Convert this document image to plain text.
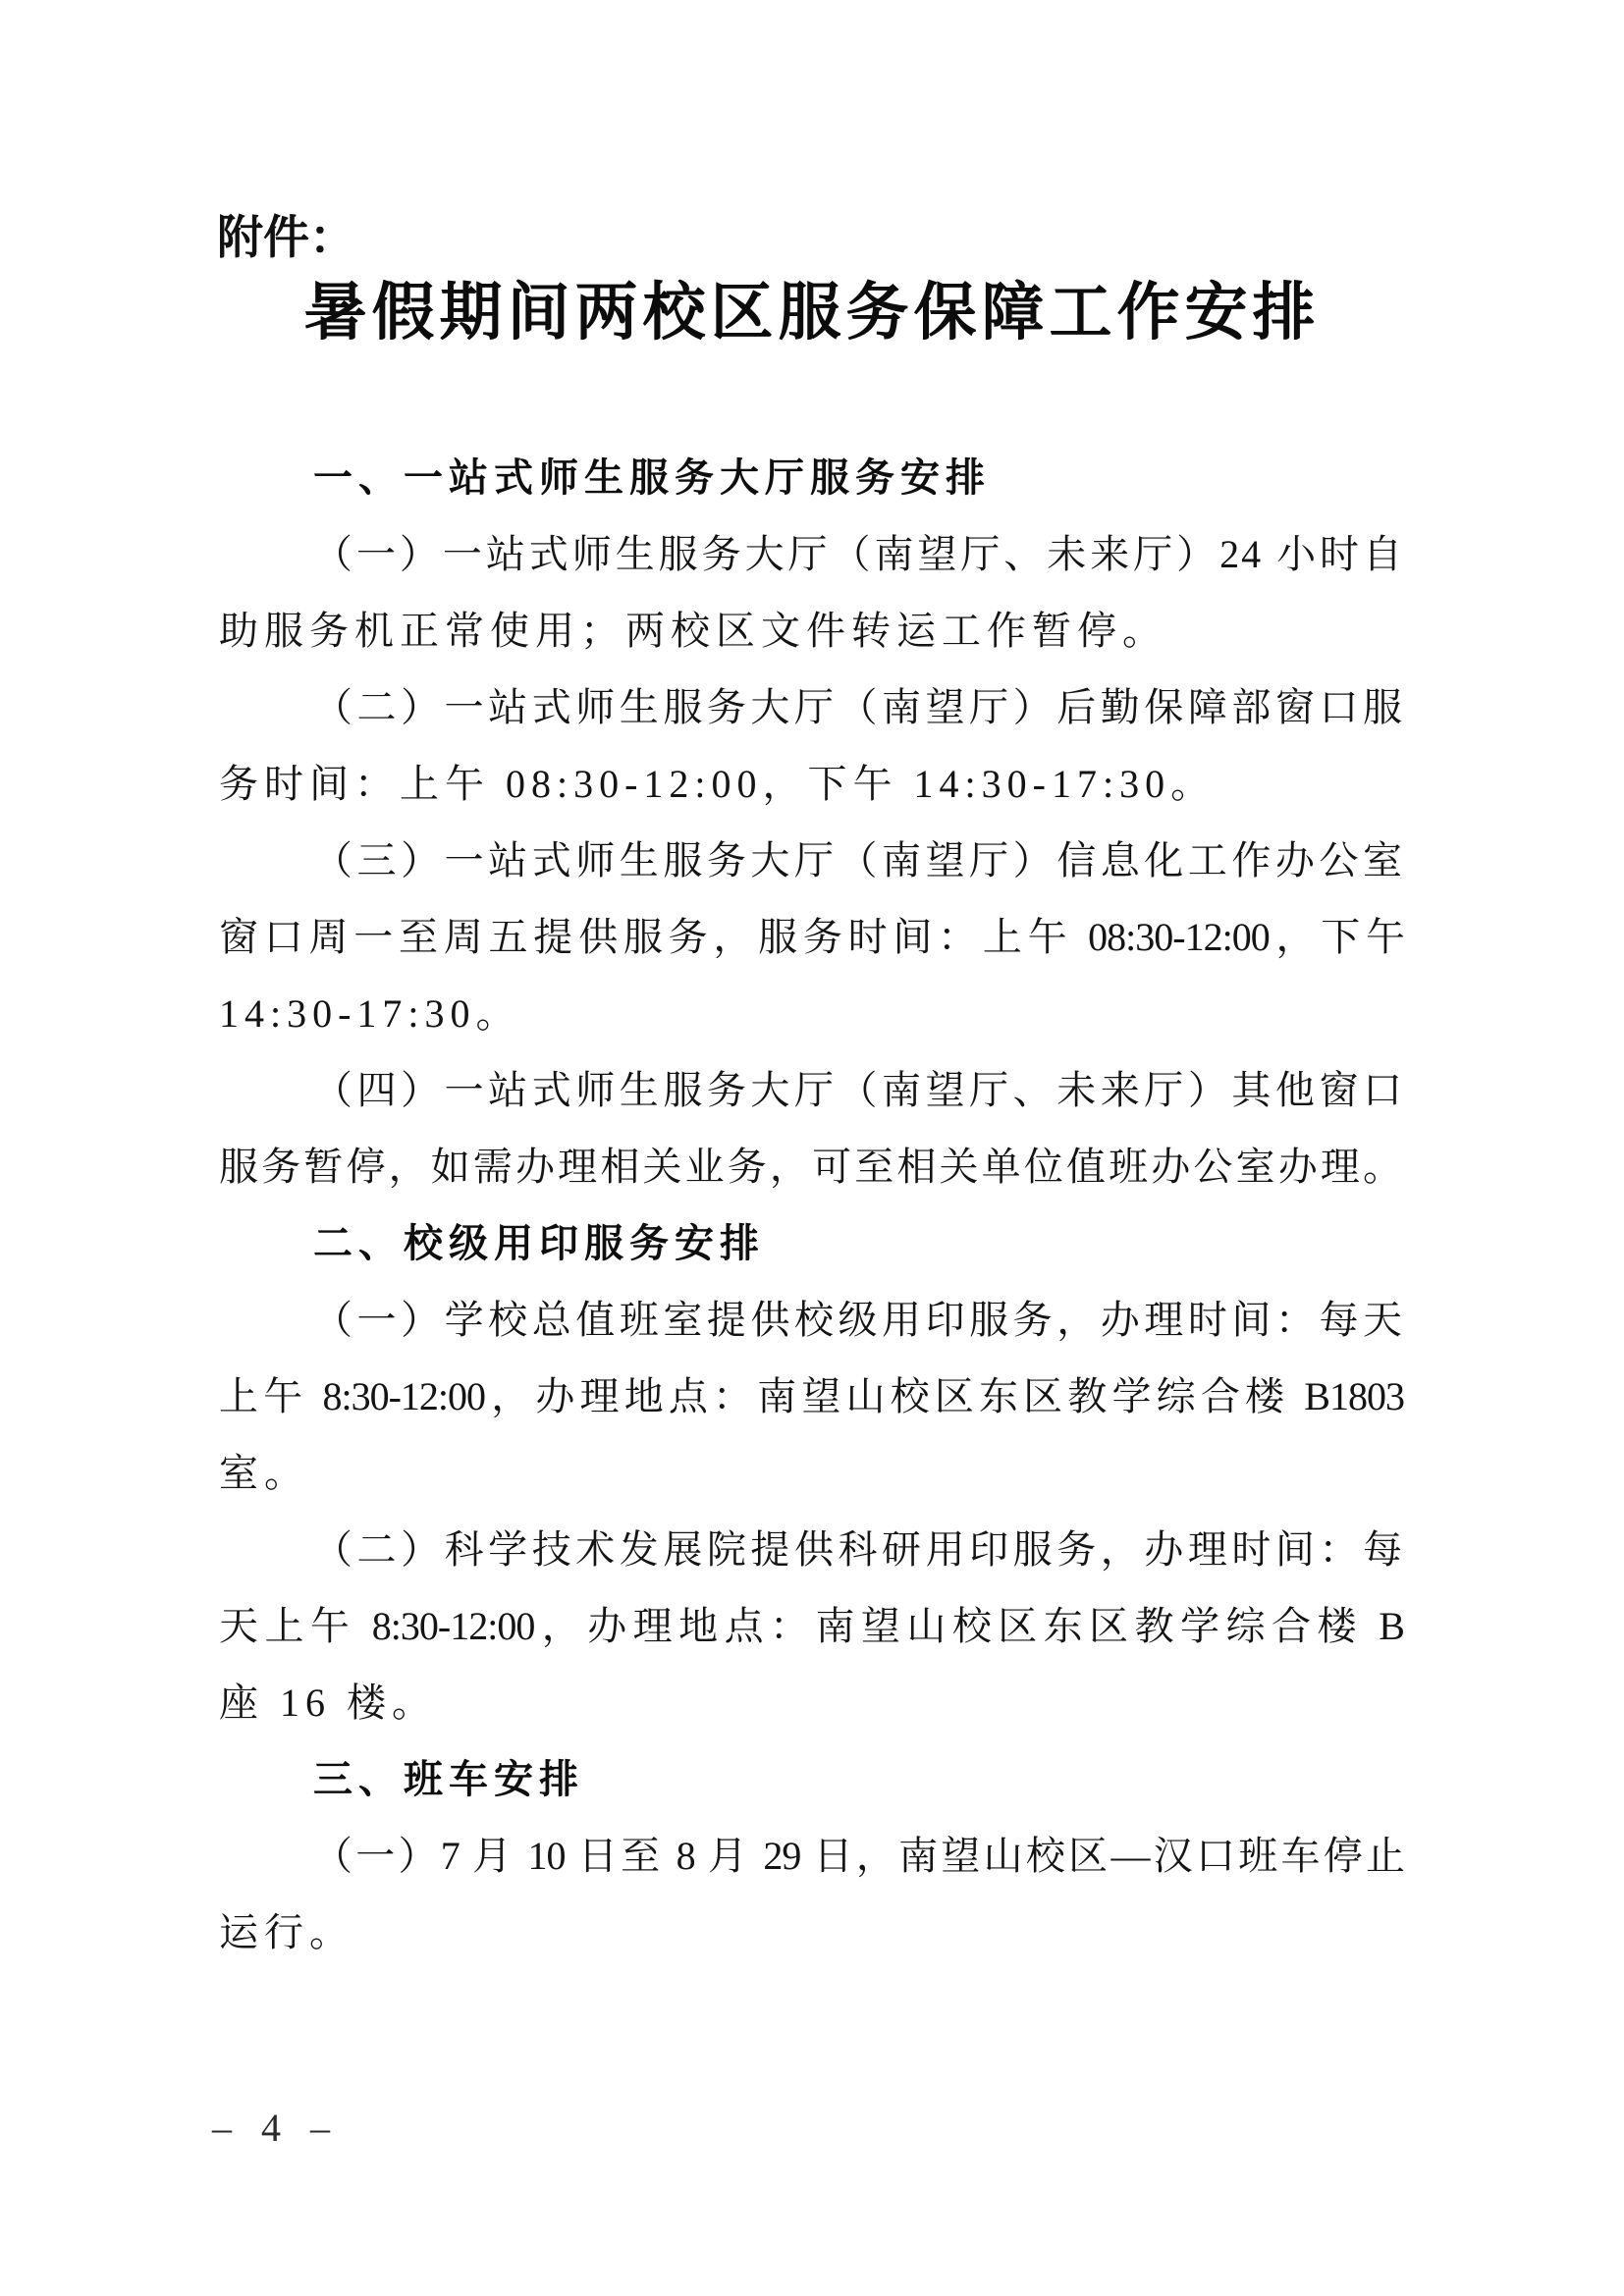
附件：
暑假期间两校区服务保障工作安排
一、一站式师生服务大厅服务安排
（一）一站式师生服务大厅（南望厅、未来厅）24 小时自
助服务机正常使用；两校区文件转运工作暂停。
（二）一站式师生服务大厅（南望厅）后勤保障部窗口服
务时间：上午 08:30-12:00，下午 14:30-17:30。
（三）一站式师生服务大厅（南望厅）信息化工作办公室
窗口周一至周五提供服务，服务时间：上午 08:30-12:00，下午
14:30-17:30。
（四）一站式师生服务大厅（南望厅、未来厅）其他窗口
服务暂停，如需办理相关业务，可至相关单位值班办公室办理。
二、校级用印服务安排
（一）学校总值班室提供校级用印服务，办理时间：每天
上午 8:30-12:00，办理地点：南望山校区东区教学综合楼 B1803
室。
（二）科学技术发展院提供科研用印服务，办理时间：每
天上午 8:30-12:00，办理地点：南望山校区东区教学综合楼 B
座 16 楼。
三、班车安排
（一）7 月 10 日至 8 月 29 日，南望山校区—汉口班车停止
运行。
– 4 –
